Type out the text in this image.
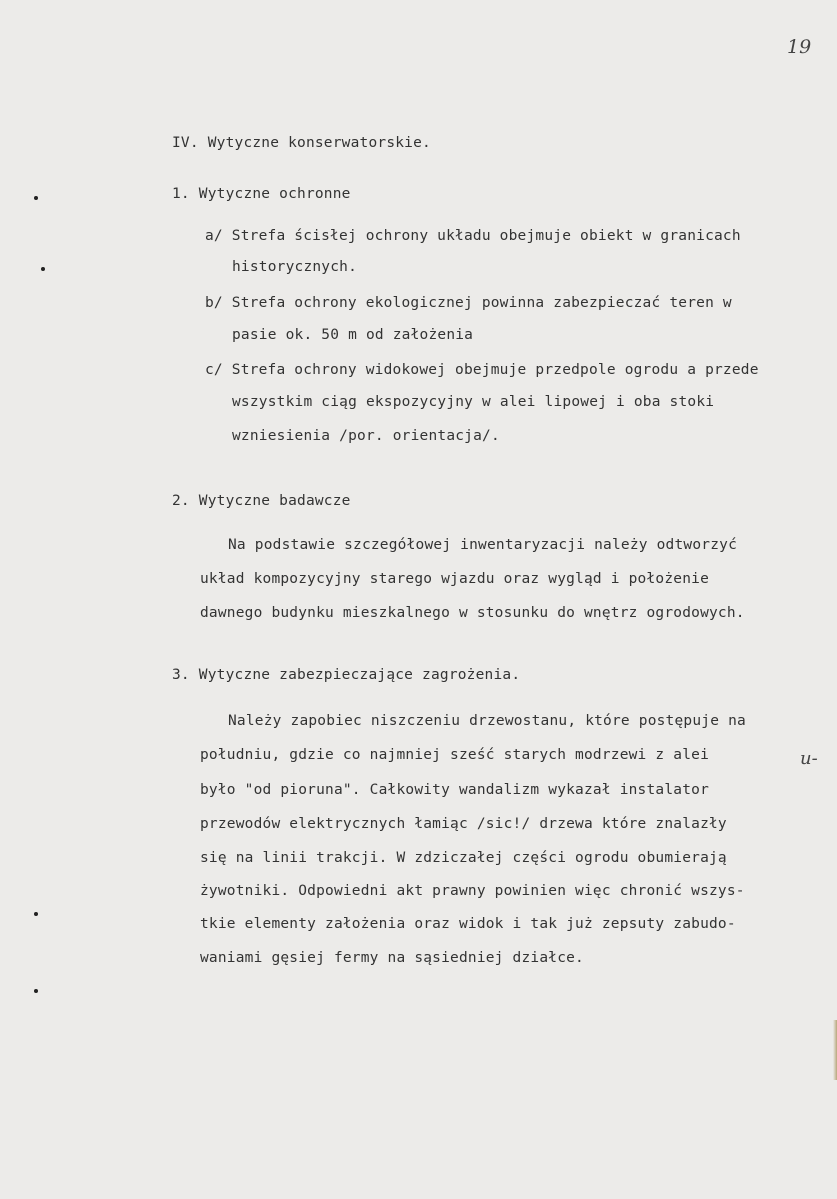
19
IV. Wytyczne konserwatorskie.
1. Wytyczne ochronne
a/ Strefa ścisłej ochrony układu obejmuje obiekt w granicach
historycznych.
b/ Strefa ochrony ekologicznej powinna zabezpieczać teren w
pasie ok. 50 m od założenia
c/ Strefa ochrony widokowej obejmuje przedpole ogrodu a przede
wszystkim ciąg ekspozycyjny w alei lipowej i oba stoki
wzniesienia /por. orientacja/.
2. Wytyczne badawcze
Na podstawie szczegółowej inwentaryzacji należy odtworzyć
układ kompozycyjny starego wjazdu oraz wygląd i położenie
dawnego budynku mieszkalnego w stosunku do wnętrz ogrodowych.
3. Wytyczne zabezpieczające zagrożenia.
Należy zapobiec niszczeniu drzewostanu, które postępuje na
południu, gdzie co najmniej sześć starych modrzewi z alei	u-
było "od pioruna". Całkowity wandalizm wykazał instalator
przewodów elektrycznych łamiąc /sic!/ drzewa które znalazły
się na linii trakcji. W zdziczałej części ogrodu obumierają
żywotniki. Odpowiedni akt prawny powinien więc chronić wszys-
tkie elementy założenia oraz widok i tak już zepsuty zabudo-
waniami gęsiej fermy na sąsiedniej działce.
